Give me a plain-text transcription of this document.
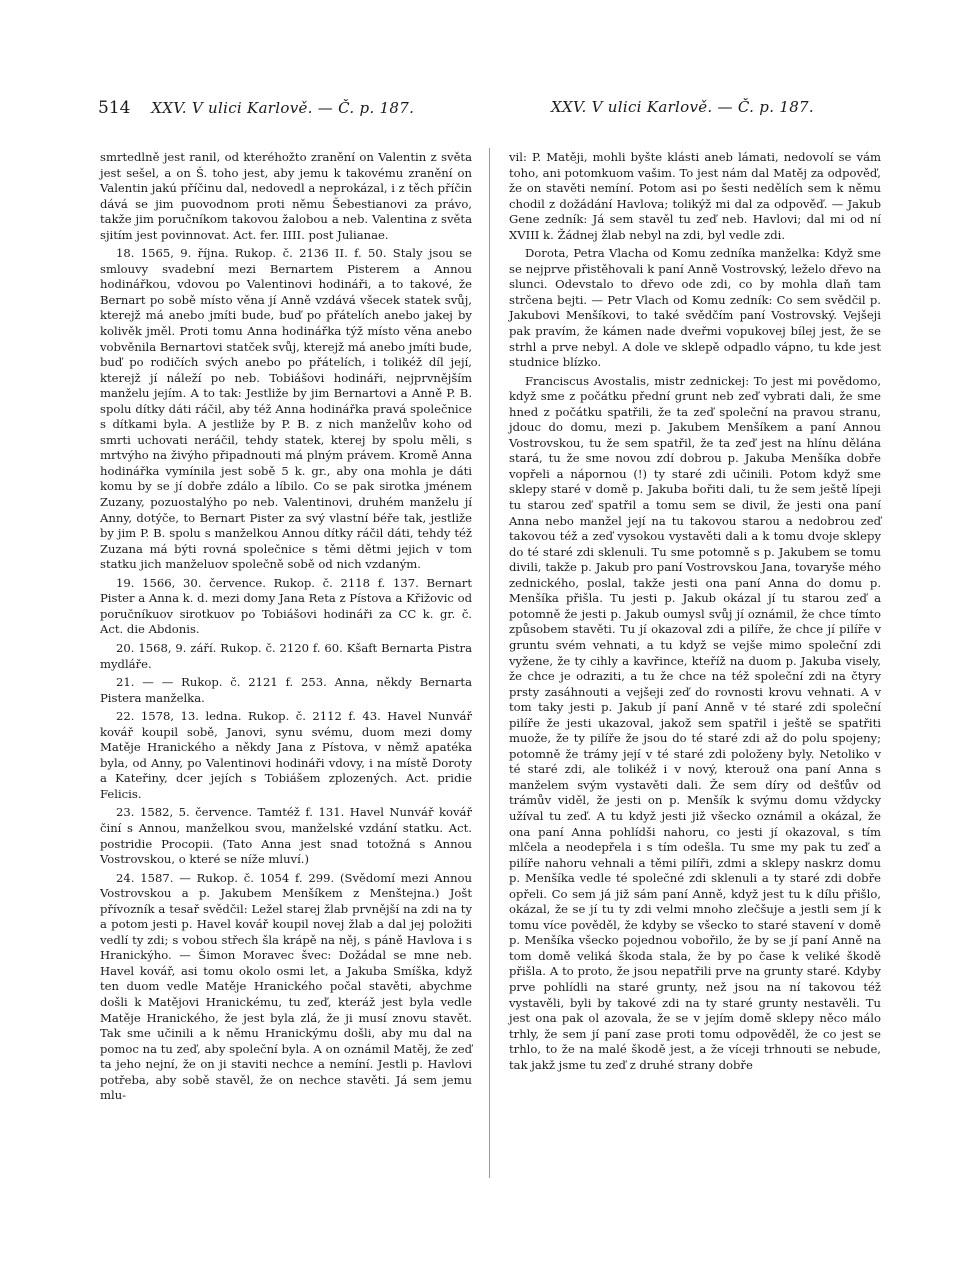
514 XXV. V ulici Karlově. — Č. p. 187.	XXV. V ulici Karlově. — Č. p. 187.

smrtedlně jest ranil, od kteréhožto zranění on Valentin z světa jest sešel, a on Š. toho jest, aby jemu k takovému zranění on Valentin jakú příčinu dal, nedovedl a neprokázal, i z těch příčin dává se jim puovodnom proti němu Šebestianovi za právo, takže jim poručníkom takovou žalobou a neb. Valentina z světa sjitím jest povinnovat. Act. fer. IIII. post Julianae.

18. 1565, 9. října. Rukop. č. 2136 II. f. 50. Staly jsou se smlouvy svadební mezi Bernartem Pisterem a Annou hodinářkou, vdovou po Valentinovi hodináři, a to takové, že Bernart po sobě místo věna jí Anně vzdává všecek statek svůj, kterejž má anebo jmíti bude, buď po přátelích anebo jakej by kolivěk jměl. Proti tomu Anna hodinářka týž místo věna anebo vobvěnila Bernartovi statček svůj, kterejž má anebo jmíti bude, buď po rodičích svých anebo po přátelích, i tolikéž díl její, kterejž jí náleží po neb. Tobiášovi hodináři, nejprvnějším manželu jejím. A to tak: Jestliže by jim Bernartovi a Anně P. B. spolu dítky dáti ráčil, aby též Anna hodinářka pravá společnice s dítkami byla. A jestliže by P. B. z nich manželův koho od smrti uchovati neráčil, tehdy statek, kterej by spolu měli, s mrtvýho na živýho připadnouti má plným právem. Kromě Anna hodinářka vymínila jest sobě 5 k. gr., aby ona mohla je dáti komu by se jí dobře zdálo a líbilo. Co se pak sirotka jménem Zuzany, pozuostalýho po neb. Valentinovi, druhém manželu jí Anny, dotýče, to Bernart Pister za svý vlastní béře tak, jestliže by jim P. B. spolu s manželkou Annou dítky ráčil dáti, tehdy též Zuzana má býti rovná společnice s těmi dětmi jejich v tom statku jich manželuov společně sobě od nich vzdaným.

19. 1566, 30. července. Rukop. č. 2118 f. 137. Bernart Pister a Anna k. d. mezi domy Jana Reta z Pístova a Křižovic od poručníkuov sirotkuov po Tobiášovi hodináři za CC k. gr. č. Act. die Abdonis.

20. 1568, 9. září. Rukop. č. 2120 f. 60. Kšaft Bernarta Pistra mydláře.

21. — — Rukop. č. 2121 f. 253. Anna, někdy Bernarta Pistera manželka.

22. 1578, 13. ledna. Rukop. č. 2112 f. 43. Havel Nunvář kovář koupil sobě, Janovi, synu svému, duom mezi domy Matěje Hranického a někdy Jana z Pístova, v němž apatéka byla, od Anny, po Valentinovi hodináři vdovy, i na místě Doroty a Kateřiny, dcer jejích s Tobiášem zplozených. Act. pridie Felicis.

23. 1582, 5. července. Tamtéž f. 131. Havel Nunvář kovář činí s Annou, manželkou svou, manželské vzdání statku. Act. postridie Procopii. (Tato Anna jest snad totožná s Annou Vostrovskou, o které se níže mluví.)

24. 1587. — Rukop. č. 1054 f. 299. (Svědomí mezi Annou Vostrovskou a p. Jakubem Menšíkem z Menštejna.) Jošt přívozník a tesař svědčil: Ležel starej žlab prvnější na zdi na ty a potom jesti p. Havel kovář koupil novej žlab a dal jej položiti vedlí ty zdi; s vobou střech šla krápě na něj, s páně Havlova i s Hranickýho. — Šimon Moravec švec: Dožádal se mne neb. Havel kovář, asi tomu okolo osmi let, a Jakuba Smíška, když ten duom vedle Matěje Hranického počal stavěti, abychme došli k Matějovi Hranickému, tu zeď, kteráž jest byla vedle Matěje Hranického, že jest byla zlá, že ji musí znovu stavět. Tak sme učinili a k němu Hranickýmu došli, aby mu dal na pomoc na tu zeď, aby společní byla. A on oznámil Matěj, že zeď ta jeho nejní, že on ji staviti nechce a nemíní. Jestli p. Havlovi potřeba, aby sobě stavěl, že on nechce stavěti. Já sem jemu mlu-

vil: P. Matěji, mohli byšte klásti aneb lámati, nedovolí se vám toho, ani potomkuom vašim. To jest nám dal Matěj za odpověď, že on stavěti nemíní. Potom asi po šesti nedělích sem k němu chodil z dožádání Havlova; tolikýž mi dal za odpověď. — Jakub Gene zedník: Já sem stavěl tu zeď neb. Havlovi; dal mi od ní XVIII k. Žádnej žlab nebyl na zdi, byl vedle zdi.

Dorota, Petra Vlacha od Komu zedníka manželka: Když sme se nejprve přistěhovali k paní Anně Vostrovský, leželo dřevo na slunci. Odevstalo to dřevo ode zdi, co by mohla dlaň tam strčena bejti. — Petr Vlach od Komu zedník: Co sem svědčil p. Jakubovi Menšíkovi, to také svědčím paní Vostrovský. Vejšeji pak pravím, že kámen nade dveřmi vopukovej bílej jest, že se strhl a prve nebyl. A dole ve sklepě odpadlo vápno, tu kde jest studnice blízko.

Franciscus Avostalis, mistr zednickej: To jest mi povědomo, když sme z počátku přední grunt neb zeď vybrati dali, že sme hned z počátku spatřili, že ta zeď společní na pravou stranu, jdouc do domu, mezi p. Jakubem Menšíkem a paní Annou Vostrovskou, tu že sem spatřil, že ta zeď jest na hlínu dělána stará, tu že sme novou zdí dobrou p. Jakuba Menšíka dobře vopřeli a nápornou (!) ty staré zdi učinili. Potom když sme sklepy staré v domě p. Jakuba bořiti dali, tu že sem ještě lípeji tu starou zeď spatřil a tomu sem se divil, že jesti ona paní Anna nebo manžel její na tu takovou starou a nedobrou zeď takovou též a zeď vysokou vystavěti dali a k tomu dvoje sklepy do té staré zdi sklenuli. Tu sme potomně s p. Jakubem se tomu divili, takže p. Jakub pro paní Vostrovskou Jana, tovaryše mého zednického, poslal, takže jesti ona paní Anna do domu p. Menšíka přišla. Tu jesti p. Jakub okázal jí tu starou zeď a potomně že jesti p. Jakub oumysl svůj jí oznámil, že chce tímto způsobem stavěti. Tu jí okazoval zdi a pilíře, že chce jí pilíře v gruntu svém vehnati, a tu když se vejše mimo společní zdi vyžene, že ty cihly a kavřince, kteříž na duom p. Jakuba visely, že chce je odraziti, a tu že chce na též společní zdi na čtyry prsty zasáhnouti a vejšeji zeď do rovnosti krovu vehnati. A v tom taky jesti p. Jakub jí paní Anně v té staré zdi společní pilíře že jesti ukazoval, jakož sem spatřil i ještě se spatřiti muože, že ty pilíře že jsou do té staré zdi až do polu spojeny; potomně že trámy její v té staré zdi položeny byly. Netoliko v té staré zdi, ale tolikéž i v nový, kterouž ona paní Anna s manželem svým vystavěti dali. Že sem díry od dešťův od trámův viděl, že jesti on p. Menšík k svýmu domu vždycky užíval tu zeď. A tu když jesti již všecko oznámil a okázal, že ona paní Anna pohlídši nahoru, co jesti jí okazoval, s tím mlčela a neodepřela i s tím odešla. Tu sme my pak tu zeď a pilíře nahoru vehnali a těmi pilíři, zdmi a sklepy naskrz domu p. Menšíka vedle té společné zdi sklenuli a ty staré zdi dobře opřeli. Co sem já již sám paní Anně, když jest tu k dílu přišlo, okázal, že se jí tu ty zdi velmi mnoho zlečšuje a jestli sem jí k tomu více pověděl, že kdyby se všecko to staré stavení v domě p. Menšíka všecko pojednou vobořilo, že by se jí paní Anně na tom domě veliká škoda stala, že by po čase k veliké škodě přišla. A to proto, že jsou nepatřili prve na grunty staré. Kdyby prve pohlídli na staré grunty, než jsou na ní takovou též vystavěli, byli by takové zdi na ty staré grunty nestavěli. Tu jest ona pak ol azovala, že se v jejím domě sklepy něco málo trhly, že sem jí paní zase proti tomu odpověděl, že co jest se trhlo, to že na malé škodě jest, a že víceji trhnouti se nebude, tak jakž jsme tu zeď z druhé strany dobře
